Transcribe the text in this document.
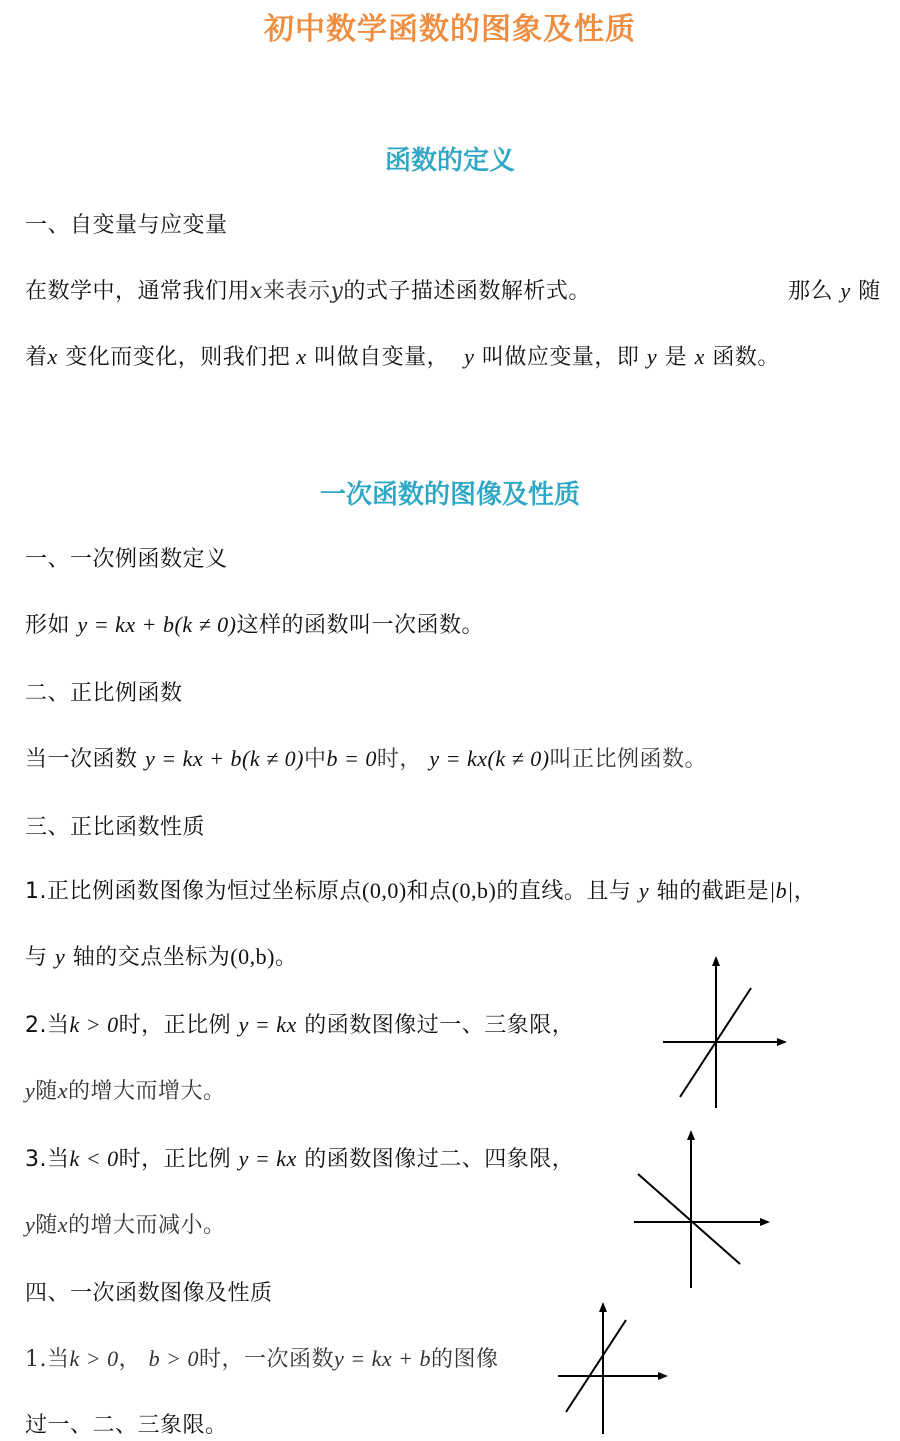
初中数学函数的图象及性质
函数的定义
一、自变量与应变量
在数学中，通常我们用x来表示y的式子描述函数解析式。	那么 y 随
着x 变化而变化，则我们把 x 叫做自变量， y 叫做应变量，即 y 是 x 函数。
一次函数的图像及性质
一、一次例函数定义
形如 y = kx + b(k ≠ 0)这样的函数叫一次函数。
二、正比例函数
当一次函数 y = kx + b(k ≠ 0)中b = 0时， y = kx(k ≠ 0)叫正比例函数。
三、正比函数性质
1.正比例函数图像为恒过坐标原点(0,0)和点(0,b)的直线。且与 y 轴的截距是|b|，
与 y 轴的交点坐标为(0,b)。
2.当k > 0时，正比例 y = kx 的函数图像过一、三象限，
y随x的增大而增大。
3.当k < 0时，正比例 y = kx 的函数图像过二、四象限，
y随x的增大而减小。
四、一次函数图像及性质
1.当k > 0， b > 0时，一次函数y = kx + b的图像
过一、二、三象限。
